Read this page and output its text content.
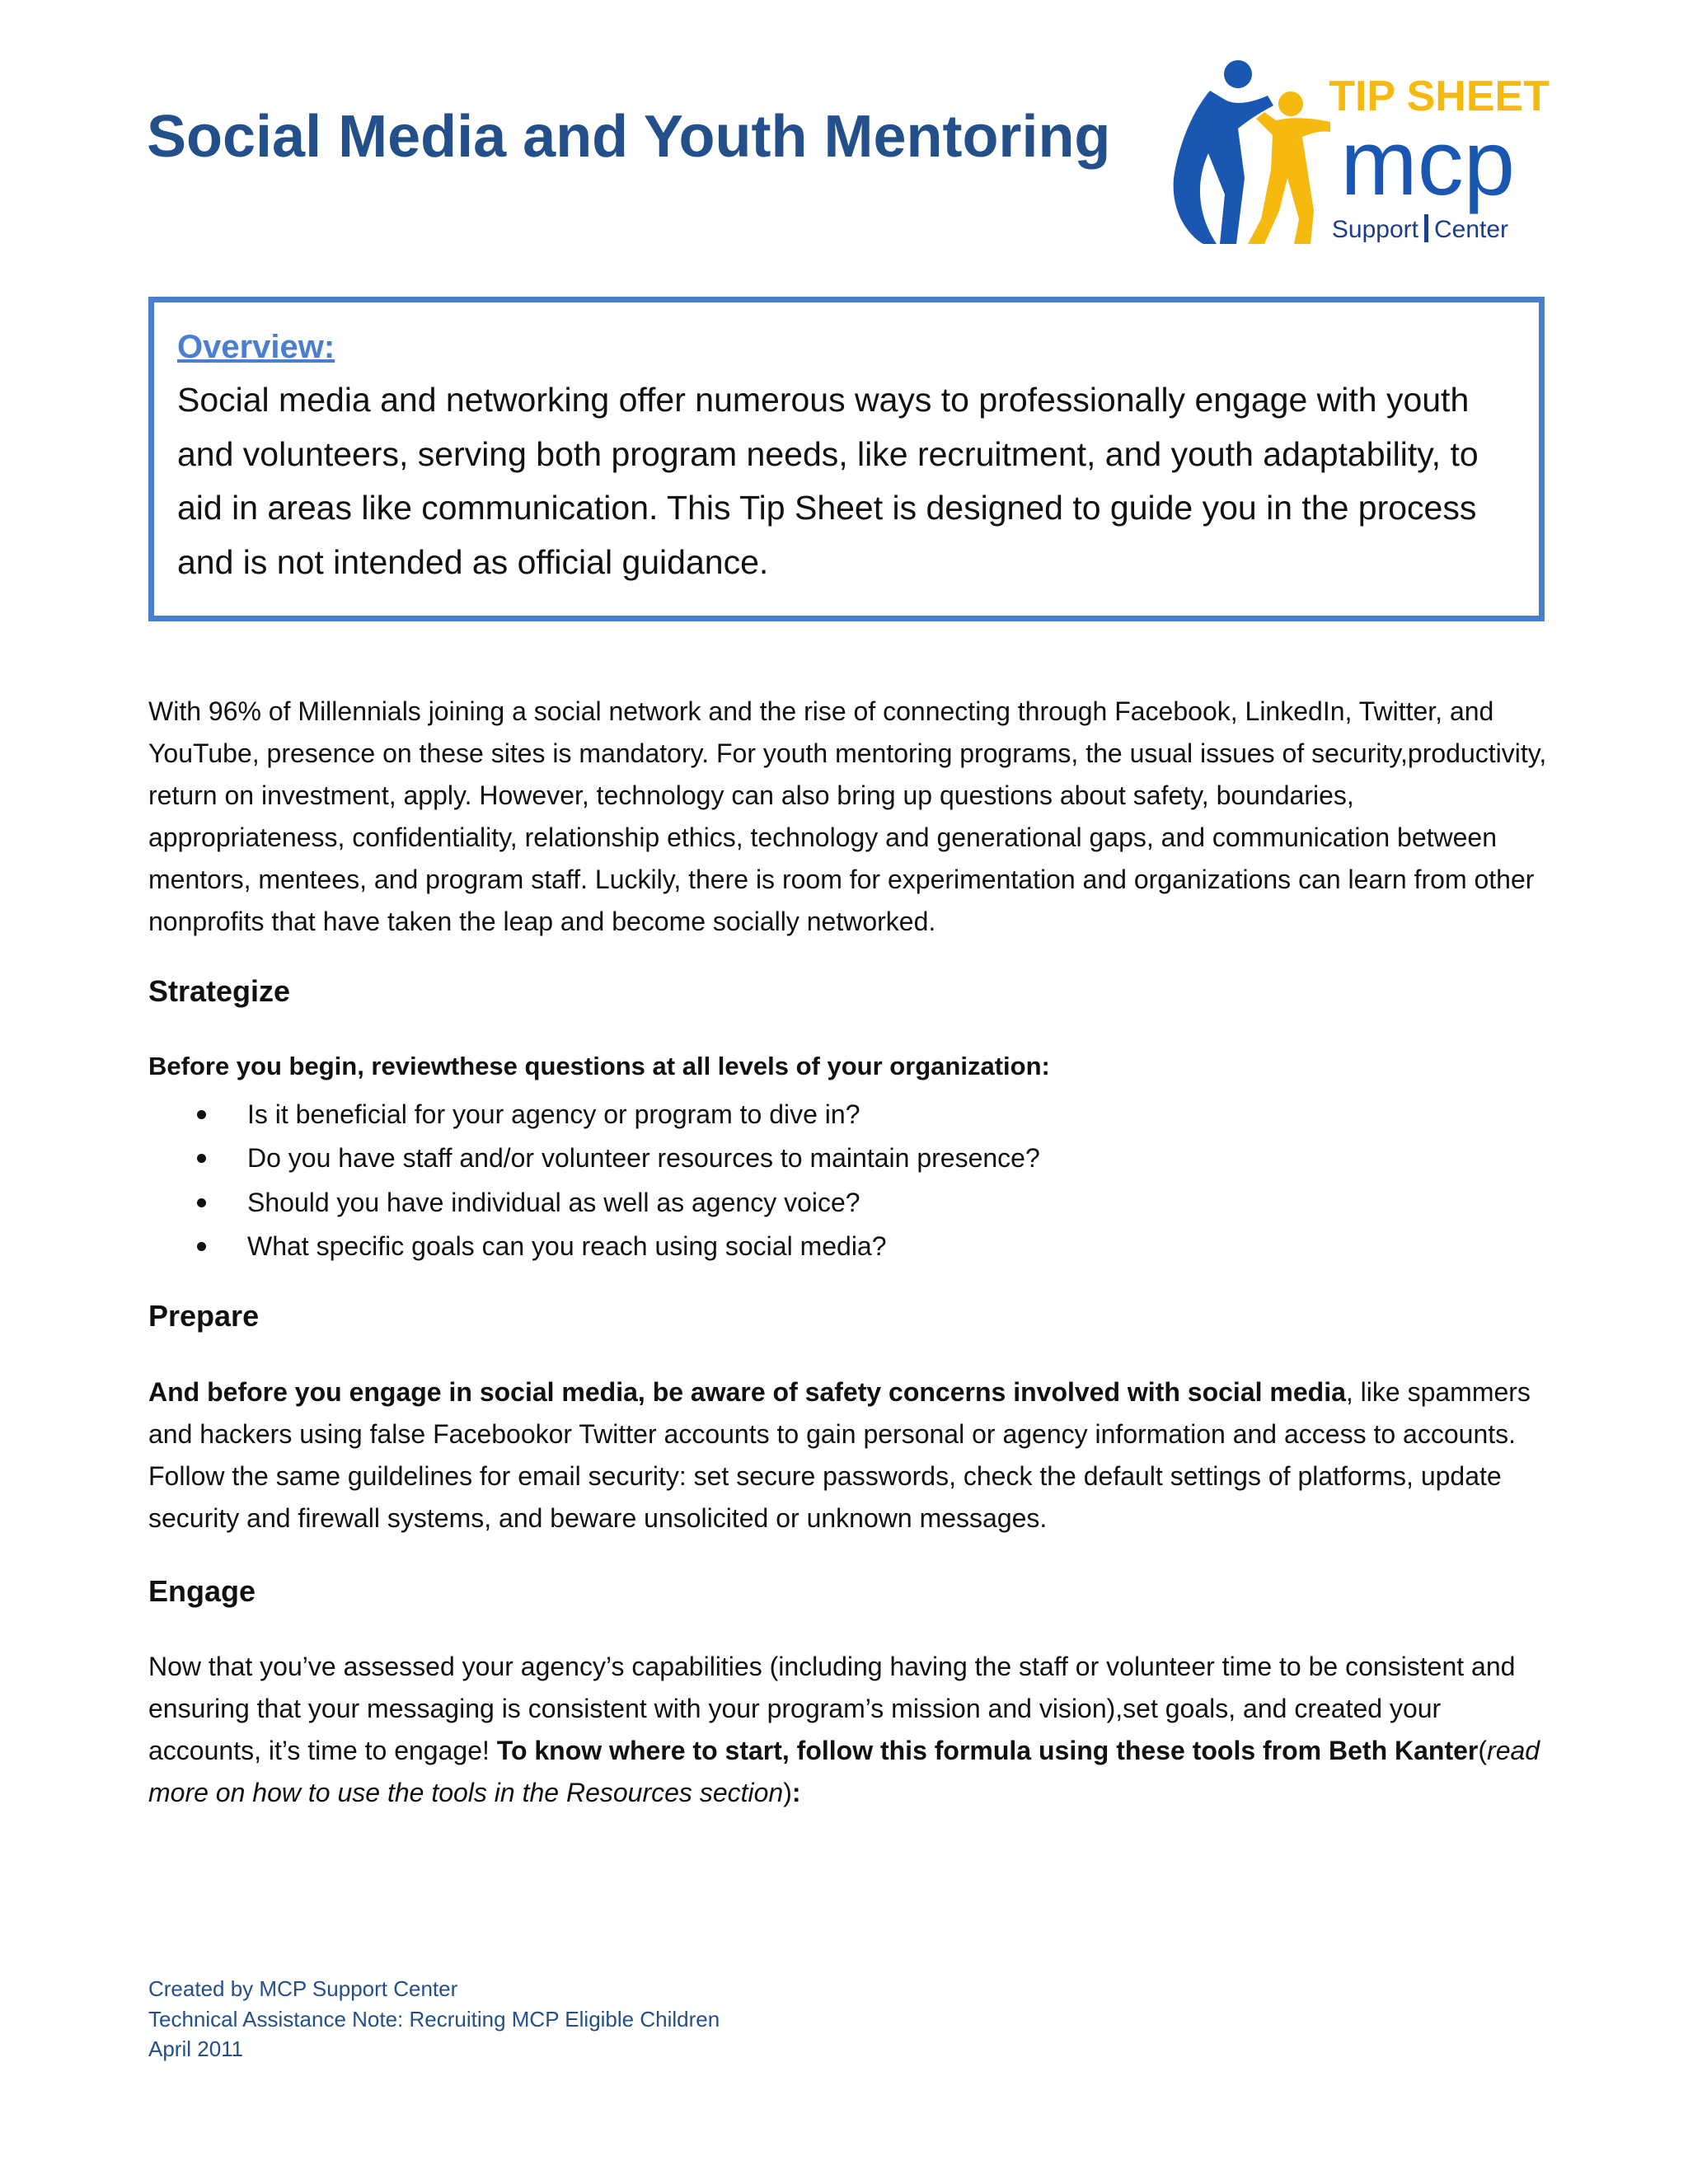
Social Media and Youth Mentoring
TIP SHEET
mcp
Support Center
Overview:

Social media and networking offer numerous ways to professionally engage with youth and volunteers, serving both program needs, like recruitment, and youth adaptability, to aid in areas like communication. This Tip Sheet is designed to guide you in the process and is not intended as official guidance.

With 96% of Millennials joining a social network and the rise of connecting through Facebook, LinkedIn, Twitter, and YouTube, presence on these sites is mandatory. For youth mentoring programs, the usual issues of security,productivity, return on investment, apply. However, technology can also bring up questions about safety, boundaries, appropriateness, confidentiality, relationship ethics, technology and generational gaps, and communication between mentors, mentees, and program staff. Luckily, there is room for experimentation and organizations can learn from other nonprofits that have taken the leap and become socially networked.

Strategize

Before you begin, reviewthese questions at all levels of your organization:

Is it beneficial for your agency or program to dive in?
Do you have staff and/or volunteer resources to maintain presence?
Should you have individual as well as agency voice?
What specific goals can you reach using social media?
Prepare

And before you engage in social media, be aware of safety concerns involved with social media, like spammers and hackers using false Facebookor Twitter accounts to gain personal or agency information and access to accounts. Follow the same guildelines for email security: set secure passwords, check the default settings of platforms, update security and firewall systems, and beware unsolicited or unknown messages.

Engage

Now that you’ve assessed your agency’s capabilities (including having the staff or volunteer time to be consistent and ensuring that your messaging is consistent with your program’s mission and vision),set goals, and created your accounts, it’s time to engage! To know where to start, follow this formula using these tools from Beth Kanter(read more on how to use the tools in the Resources section):

Created by MCP Support Center
Technical Assistance Note: Recruiting MCP Eligible Children
April 2011
